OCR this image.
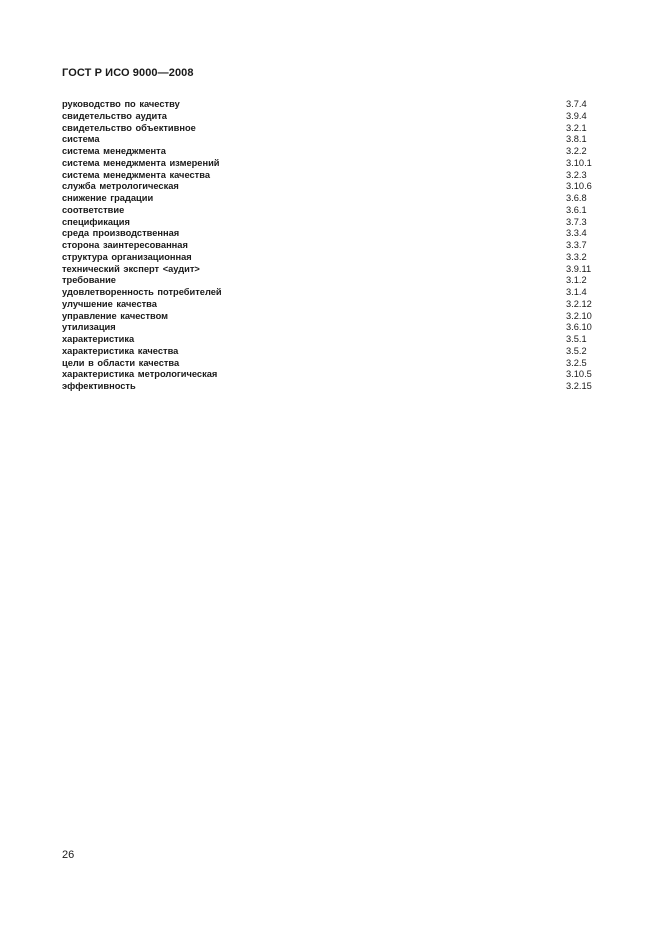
ГОСТ Р ИСО 9000—2008
руководство по качеству	3.7.4
свидетельство аудита	3.9.4
свидетельство объективное	3.2.1
система	3.8.1
система менеджмента	3.2.2
система менеджмента измерений	3.10.1
система менеджмента качества	3.2.3
служба метрологическая	3.10.6
снижение градации	3.6.8
соответствие	3.6.1
спецификация	3.7.3
среда производственная	3.3.4
сторона заинтересованная	3.3.7
структура организационная	3.3.2
технический эксперт <аудит>	3.9.11
требование	3.1.2
удовлетворенность потребителей	3.1.4
улучшение качества	3.2.12
управление качеством	3.2.10
утилизация	3.6.10
характеристика	3.5.1
характеристика качества	3.5.2
цели в области качества	3.2.5
характеристика метрологическая	3.10.5
эффективность	3.2.15
26
